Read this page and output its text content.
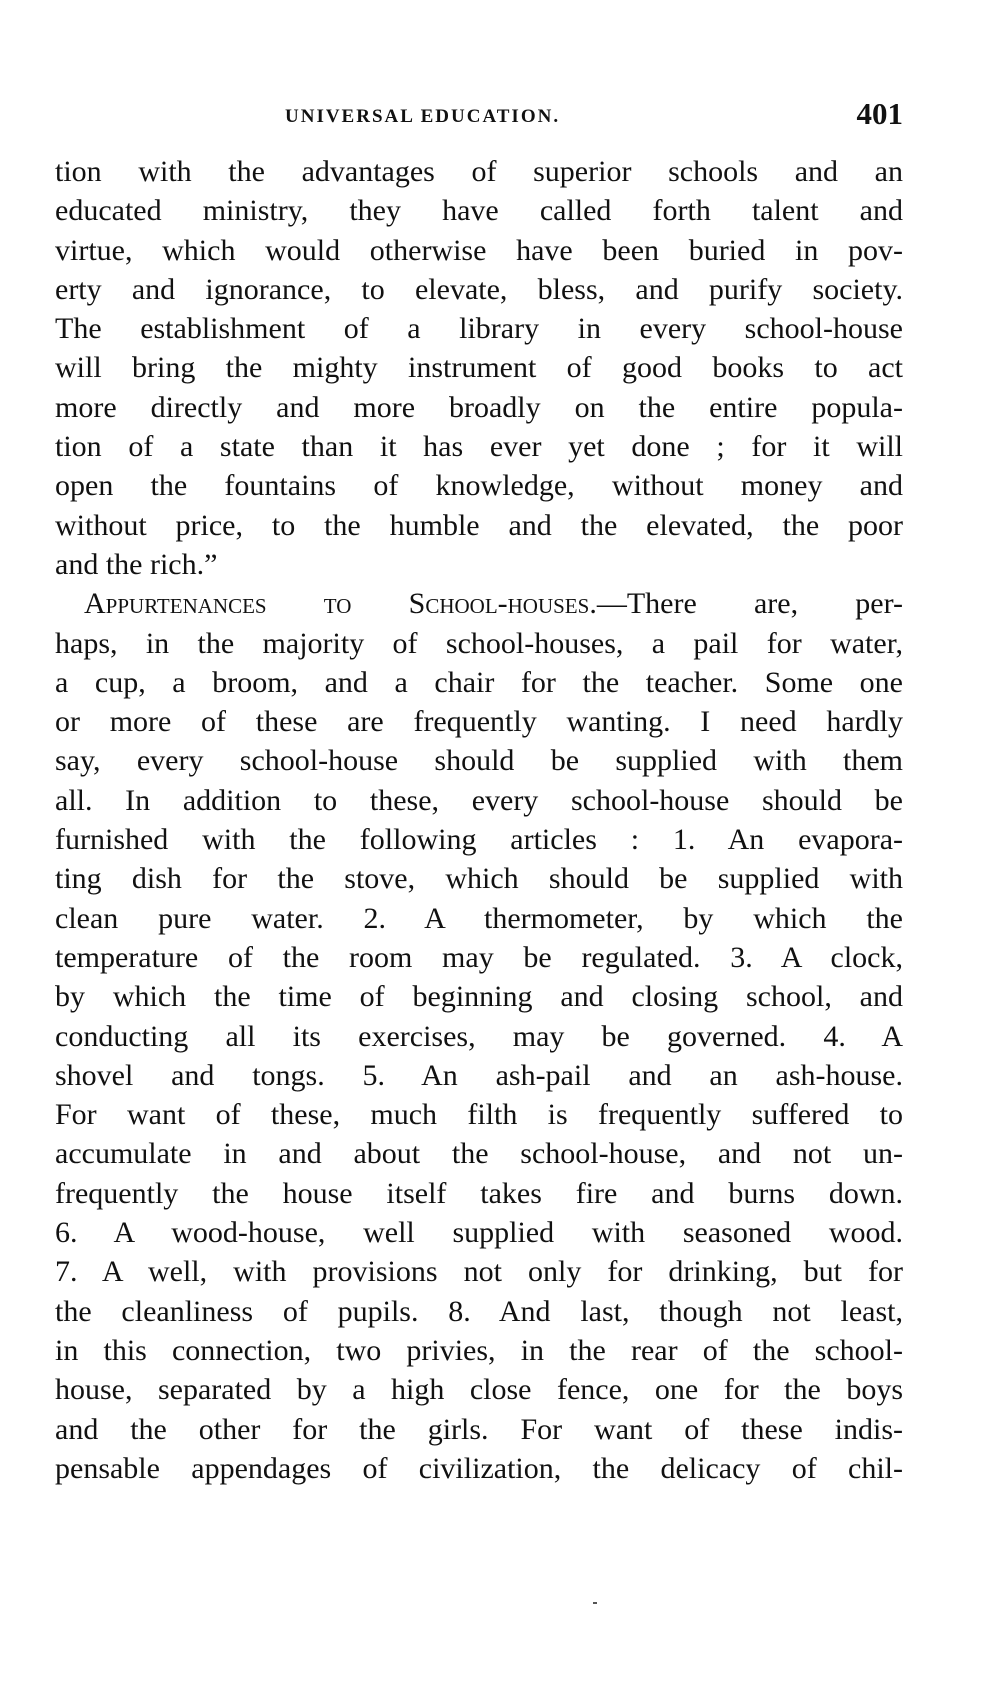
UNIVERSAL EDUCATION.	401
tion with the advantages of superior schools and an
educated ministry, they have called forth talent and
virtue, which would otherwise have been buried in pov-
erty and ignorance, to elevate, bless, and purify society.
The establishment of a library in every school-house
will bring the mighty instrument of good books to act
more directly and more broadly on the entire popula-
tion of a state than it has ever yet done ; for it will
open the fountains of knowledge, without money and
without price, to the humble and the elevated, the poor
and the rich.”
Appurtenances to School-houses.—There are, per-
haps, in the majority of school-houses, a pail for water,
a cup, a broom, and a chair for the teacher. Some one
or more of these are frequently wanting. I need hardly
say, every school-house should be supplied with them
all. In addition to these, every school-house should be
furnished with the following articles : 1. An evapora-
ting dish for the stove, which should be supplied with
clean pure water. 2. A thermometer, by which the
temperature of the room may be regulated. 3. A clock,
by which the time of beginning and closing school, and
conducting all its exercises, may be governed. 4. A
shovel and tongs. 5. An ash-pail and an ash-house.
For want of these, much filth is frequently suffered to
accumulate in and about the school-house, and not un-
frequently the house itself takes fire and burns down.
6. A wood-house, well supplied with seasoned wood.
7. A well, with provisions not only for drinking, but for
the cleanliness of pupils. 8. And last, though not least,
in this connection, two privies, in the rear of the school-
house, separated by a high close fence, one for the boys
and the other for the girls. For want of these indis-
pensable appendages of civilization, the delicacy of chil-
